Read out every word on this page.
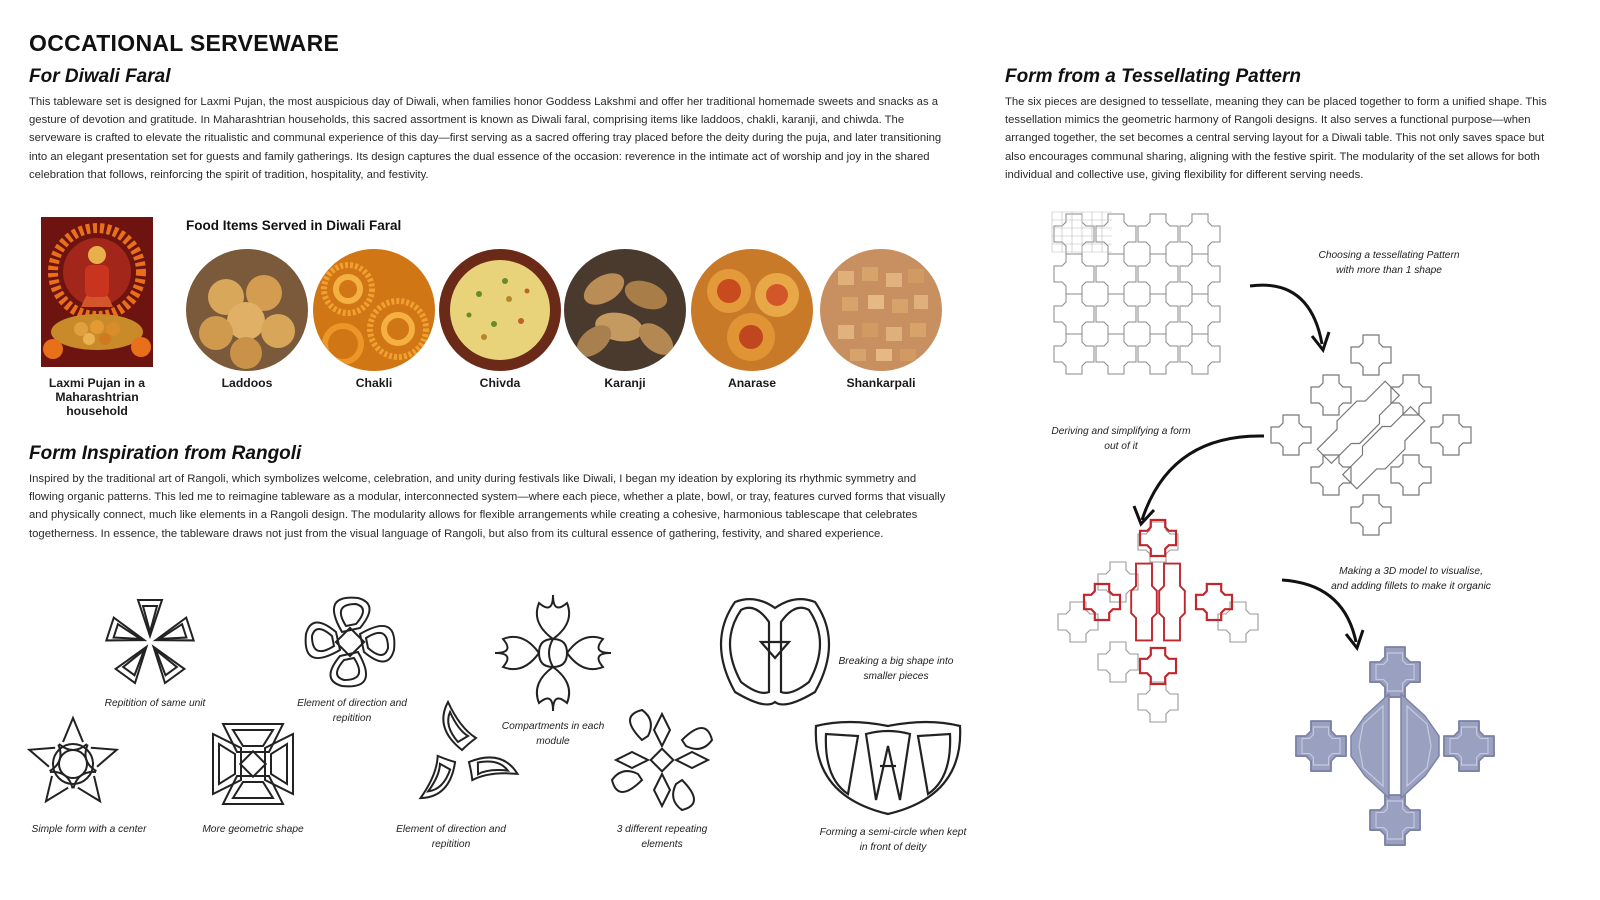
OCCATIONAL SERVEWARE
For Diwali Faral
This tableware set is designed for Laxmi Pujan, the most auspicious day of Diwali, when families honor Goddess Lakshmi and offer her traditional homemade sweets and snacks as a gesture of devotion and gratitude. In Maharashtrian households, this sacred assortment is known as Diwali faral, comprising items like laddoos, chakli, karanji, and chiwda. The serveware is crafted to elevate the ritualistic and communal experience of this day—first serving as a sacred offering tray placed before the deity during the puja, and later transitioning into an elegant presentation set for guests and family gatherings. Its design captures the dual essence of the occasion: reverence in the intimate act of worship and joy in the shared celebration that follows, reinforcing the spirit of tradition, hospitality, and festivity.
Laxmi Pujan in a Maharashtrian household
Food Items Served in Diwali Faral
Laddoos	Chakli	Chivda	Karanji	Anarase	Shankarpali
Form Inspiration from Rangoli
Inspired by the traditional art of Rangoli, which symbolizes welcome, celebration, and unity during festivals like Diwali, I began my ideation by exploring its rhythmic symmetry and flowing organic patterns. This led me to reimagine tableware as a modular, interconnected system—where each piece, whether a plate, bowl, or tray, features curved forms that visually and physically connect, much like elements in a Rangoli design. The modularity allows for flexible arrangements while creating a cohesive, harmonious tablescape that celebrates togetherness. In essence, the tableware draws not just from the visual language of Rangoli, but also from its cultural essence of gathering, festivity, and shared experience.
Repitition of same unit	Element of direction and repitition
Compartments in each module
Breaking a big shape into smaller pieces
Simple form with a center	More geometric shape	Element of direction and repitition
3 different repeating elements
Forming a semi-circle when kept in front of deity
Form from a Tessellating Pattern
The six pieces are designed to tessellate, meaning they can be placed together to form a unified shape. This tessellation mimics the geometric harmony of Rangoli designs. It also serves a functional purpose—when arranged together, the set becomes a central serving layout for a Diwali table. This not only saves space but also encourages communal sharing, aligning with the festive spirit. The modularity of the set allows for both individual and collective use, giving flexibility for different serving needs.
Choosing a tessellating Pattern with more than 1 shape
Deriving and simplifying a form out of it
Making a 3D model to visualise, and adding fillets to make it organic
